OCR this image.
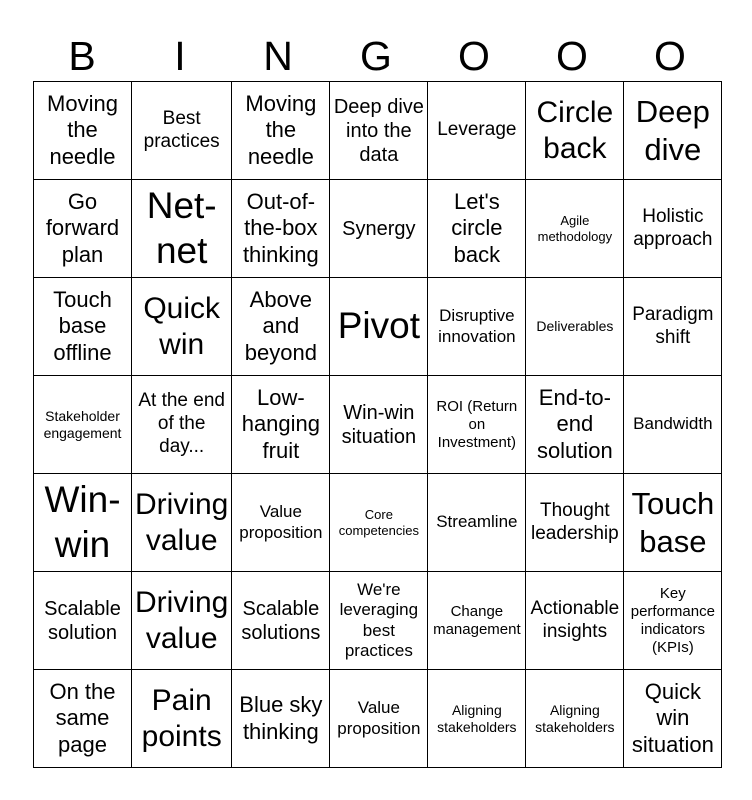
B	I	N	G	O	O	O
Moving the needle	Best practices	Moving the needle	Deep dive into the data	Leverage	Circle back	Deep dive
Go forward plan	Net-net	Out-of-the-box thinking	Synergy	Let's circle back	Agile methodology	Holistic approach
Touch base offline	Quick win	Above and beyond	Pivot	Disruptive innovation	Deliverables	Paradigm shift
Stakeholder engagement	At the end of the day...	Low-hanging fruit	Win-win situation	ROI (Return on Investment)	End-to-end solution	Bandwidth
Win-win	Driving value	Value proposition	Core competencies	Streamline	Thought leadership	Touch base
Scalable solution	Driving value	Scalable solutions	We're leveraging best practices	Change management	Actionable insights	Key performance indicators (KPIs)
On the same page	Pain points	Blue sky thinking	Value proposition	Aligning stakeholders	Aligning stakeholders	Quick win situation
